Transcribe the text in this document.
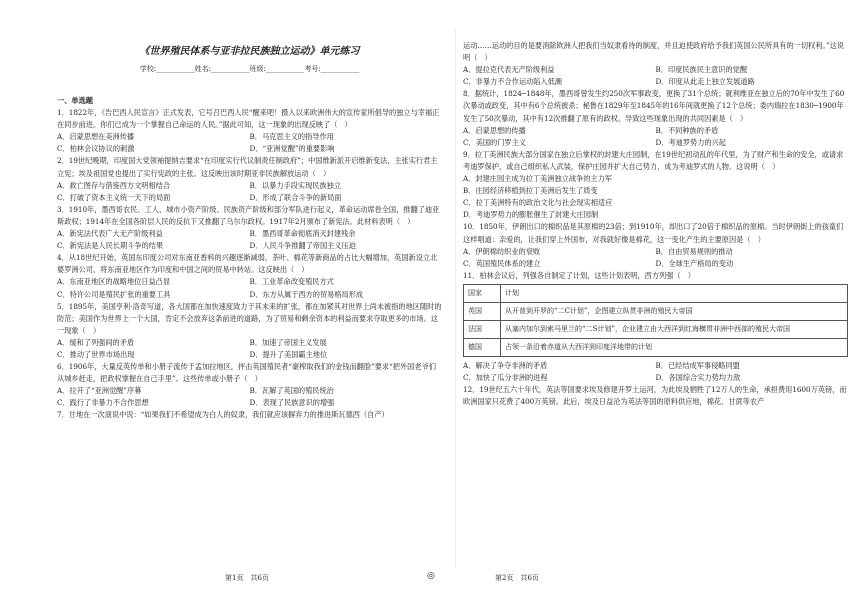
《世界殖民体系与亚非拉民族独立运动》单元练习
学校:___________姓名:___________班级:___________考号:___________
一、单选题

1．1822年，《告巴西人民宣言》正式发表，它号召巴西人民“醒来吧！摄入以来欧洲伟大的宣传家所倡导的独立与幸福正在同步前进。你们已成为一个掌握自己命运的人民。”据此可知，这一现象的出现反映了（　）

A．启蒙思想在美洲传播	B．马克思主义的指导作用
C．柏林会议协议的刺激	D．“亚洲觉醒”的重要影响

2．19世纪晚期，印度国大党领袖提纳吉要求“在印度实行代议制责任制政府”；中国维新派开启维新变法，主张实行君主立宪；埃及祖国党也提出了实行宪政的主张。这反映出该时期亚非民族解放运动（　）

A．救亡图存与借鉴西方文明相结合	B．以暴力手段实现民族独立
C．打破了资本主义统一天下的局面	D．形成了联合斗争的新局面

3．1910年，墨西哥农民、工人、城市小资产阶级、民族资产阶级和部分军队进行起义，革命运动席卷全国，推翻了迪亚斯政权；1914年在全国各阶层人民的反抗下又推翻了乌尔尔政权。1917年2月颁布了新宪法。此材料表明（　）

A．新宪法代表广大无产阶级利益	B．墨西哥革命彻底消灭封建残余
C．新宪法是人民长期斗争的结果	D．人民斗争推翻了帝国主义压迫

4．从18世纪开始，英国东印度公司对东南亚香料的兴趣逐渐减弱，茶叶、棉花等新商品的占比大幅增加，英国新设立北婆罗洲公司，将东南亚地区作为印度和中国之间的贸易中转站。这反映出（　）

A．东南亚地区的战略地位日益凸显	B．工业革命改变殖民方式
C．特许公司是殖民扩张的重要工具	D．东方从属于西方的贸易格局形成

5．1895年，美国亨利·洛奇写道，各大国都在加快速度致力于其未来的扩张，都在加紧其对世界上尚未被指的地区随时的防范；美国作为世界上一个大国，肯定不会放弃这条前进的道路，为了贸易和剩余资本的利益而要求夺取更多的市场。这一现象（　）

A．缓和了列强间的矛盾	B．加速了帝国主义发展
C．推动了世界市场出现	D．提升了美国霸主地位

6．1906年，大量反英传单和小册子流传于孟加拉地区，抨击英国殖民者“豪榨取我们的金钱而翻脸”要求“把外国老爷们从城乡赶走，把政权掌握在自己手里”。这些传单或小册子（　）

A．拉开了“亚洲觉醒”序幕	B．瓦解了英国的殖民统治
C．践行了非暴力不合作思想	D．表现了民族意识的增强

7．甘地在一次演说中说：“如果我们不希望成为白人的奴隶，我们就应该摒弃力的推进斯瓦德西（自产）

运动……运动的目的是要消除欧洲人把我们当奴隶看待的制度，并且迫使政府给予我们英国公民所具有的一切权利。”这说明（　）

A．提拉克代表无产阶级利益	B．印度民族民主意识的觉醒
C．非暴力不合作运动陷入低潮	D．印度从此走上独立发展道路

8．据统计，1824─1848年，墨西哥曾发生约250次军事政变，更换了31个总统；就利维亚在独立后的70年中发生了60次暴动或政变，其中有6个总统被杀；秘鲁在1829年至1845年的16年间就更换了12个总统；委内瑞拉在1830─1900年发生了50次暴动，其中有12次推翻了原有的政权。导致这些现象出现的共同因素是（　）

A．启蒙思想的传播	B．不同种族的矛盾
C．美国的门罗主义	D．考迪罗势力的兴起

9．拉丁美洲民族大部分国家在独立后掌权的封建大庄园制，在19世纪初动乱的年代里，为了财产和生命的安全，或请求考迪罗保护，或自己组织私人武装，保护庄园并扩大自己势力，成为考迪罗式的人物。这说明（　）

A．封建庄园主成为拉丁美洲独立战争的主力军
B．庄园经济移植到拉丁美洲后发生了质变
C．拉丁美洲特有的政治文化与社会现实相适应
D．考迪罗势力的膨胀催生了封建大庄园制

10．1850年，伊朗出口的棉织品是其原棉的23倍；到1910年，却出口了20倍于棉织品的原棉。当时伊朗街上的孩童们这样唱道：亲爱的，让我们穿上外国布，对我就好像是棉花，这一变化产生的主要原因是（　）

A．伊朗棉纺织业的衰败	B．自由贸易规则的推动
C．英国殖民体系的建立	D．全球生产格局的变动

11．柏林会议后，列强各自制定了计划，这些计划表明，西方列强（　）

国家	计划
英国	从开普到开罗的“二C计划”，企图建立纵贯非洲的殖民大帝国
法国	从塞内加尔到索马里兰的“二S计划”，企业建立由大西洋到红海横贯非洲中西部的殖民大帝国
德国	占领一条沿着赤道从大西洋到印度洋地带的计划
A．解决了争夺非洲的矛盾	B．已经结成军事侵略同盟
C．加快了瓜分非洲的进程	D．各国综合实力势均力敌

12．19世纪五六十年代，英法等国要求埃及修建开罗土运河，为此埃及牺牲了12万人的生命，承担费用1600万英镑，而欧洲国家只花费了400万英镑。此后，埃及日益沦为英法等国的原料供应地，棉花、甘蔗等农产

第1页　共6页	◎	第2页　共6页
